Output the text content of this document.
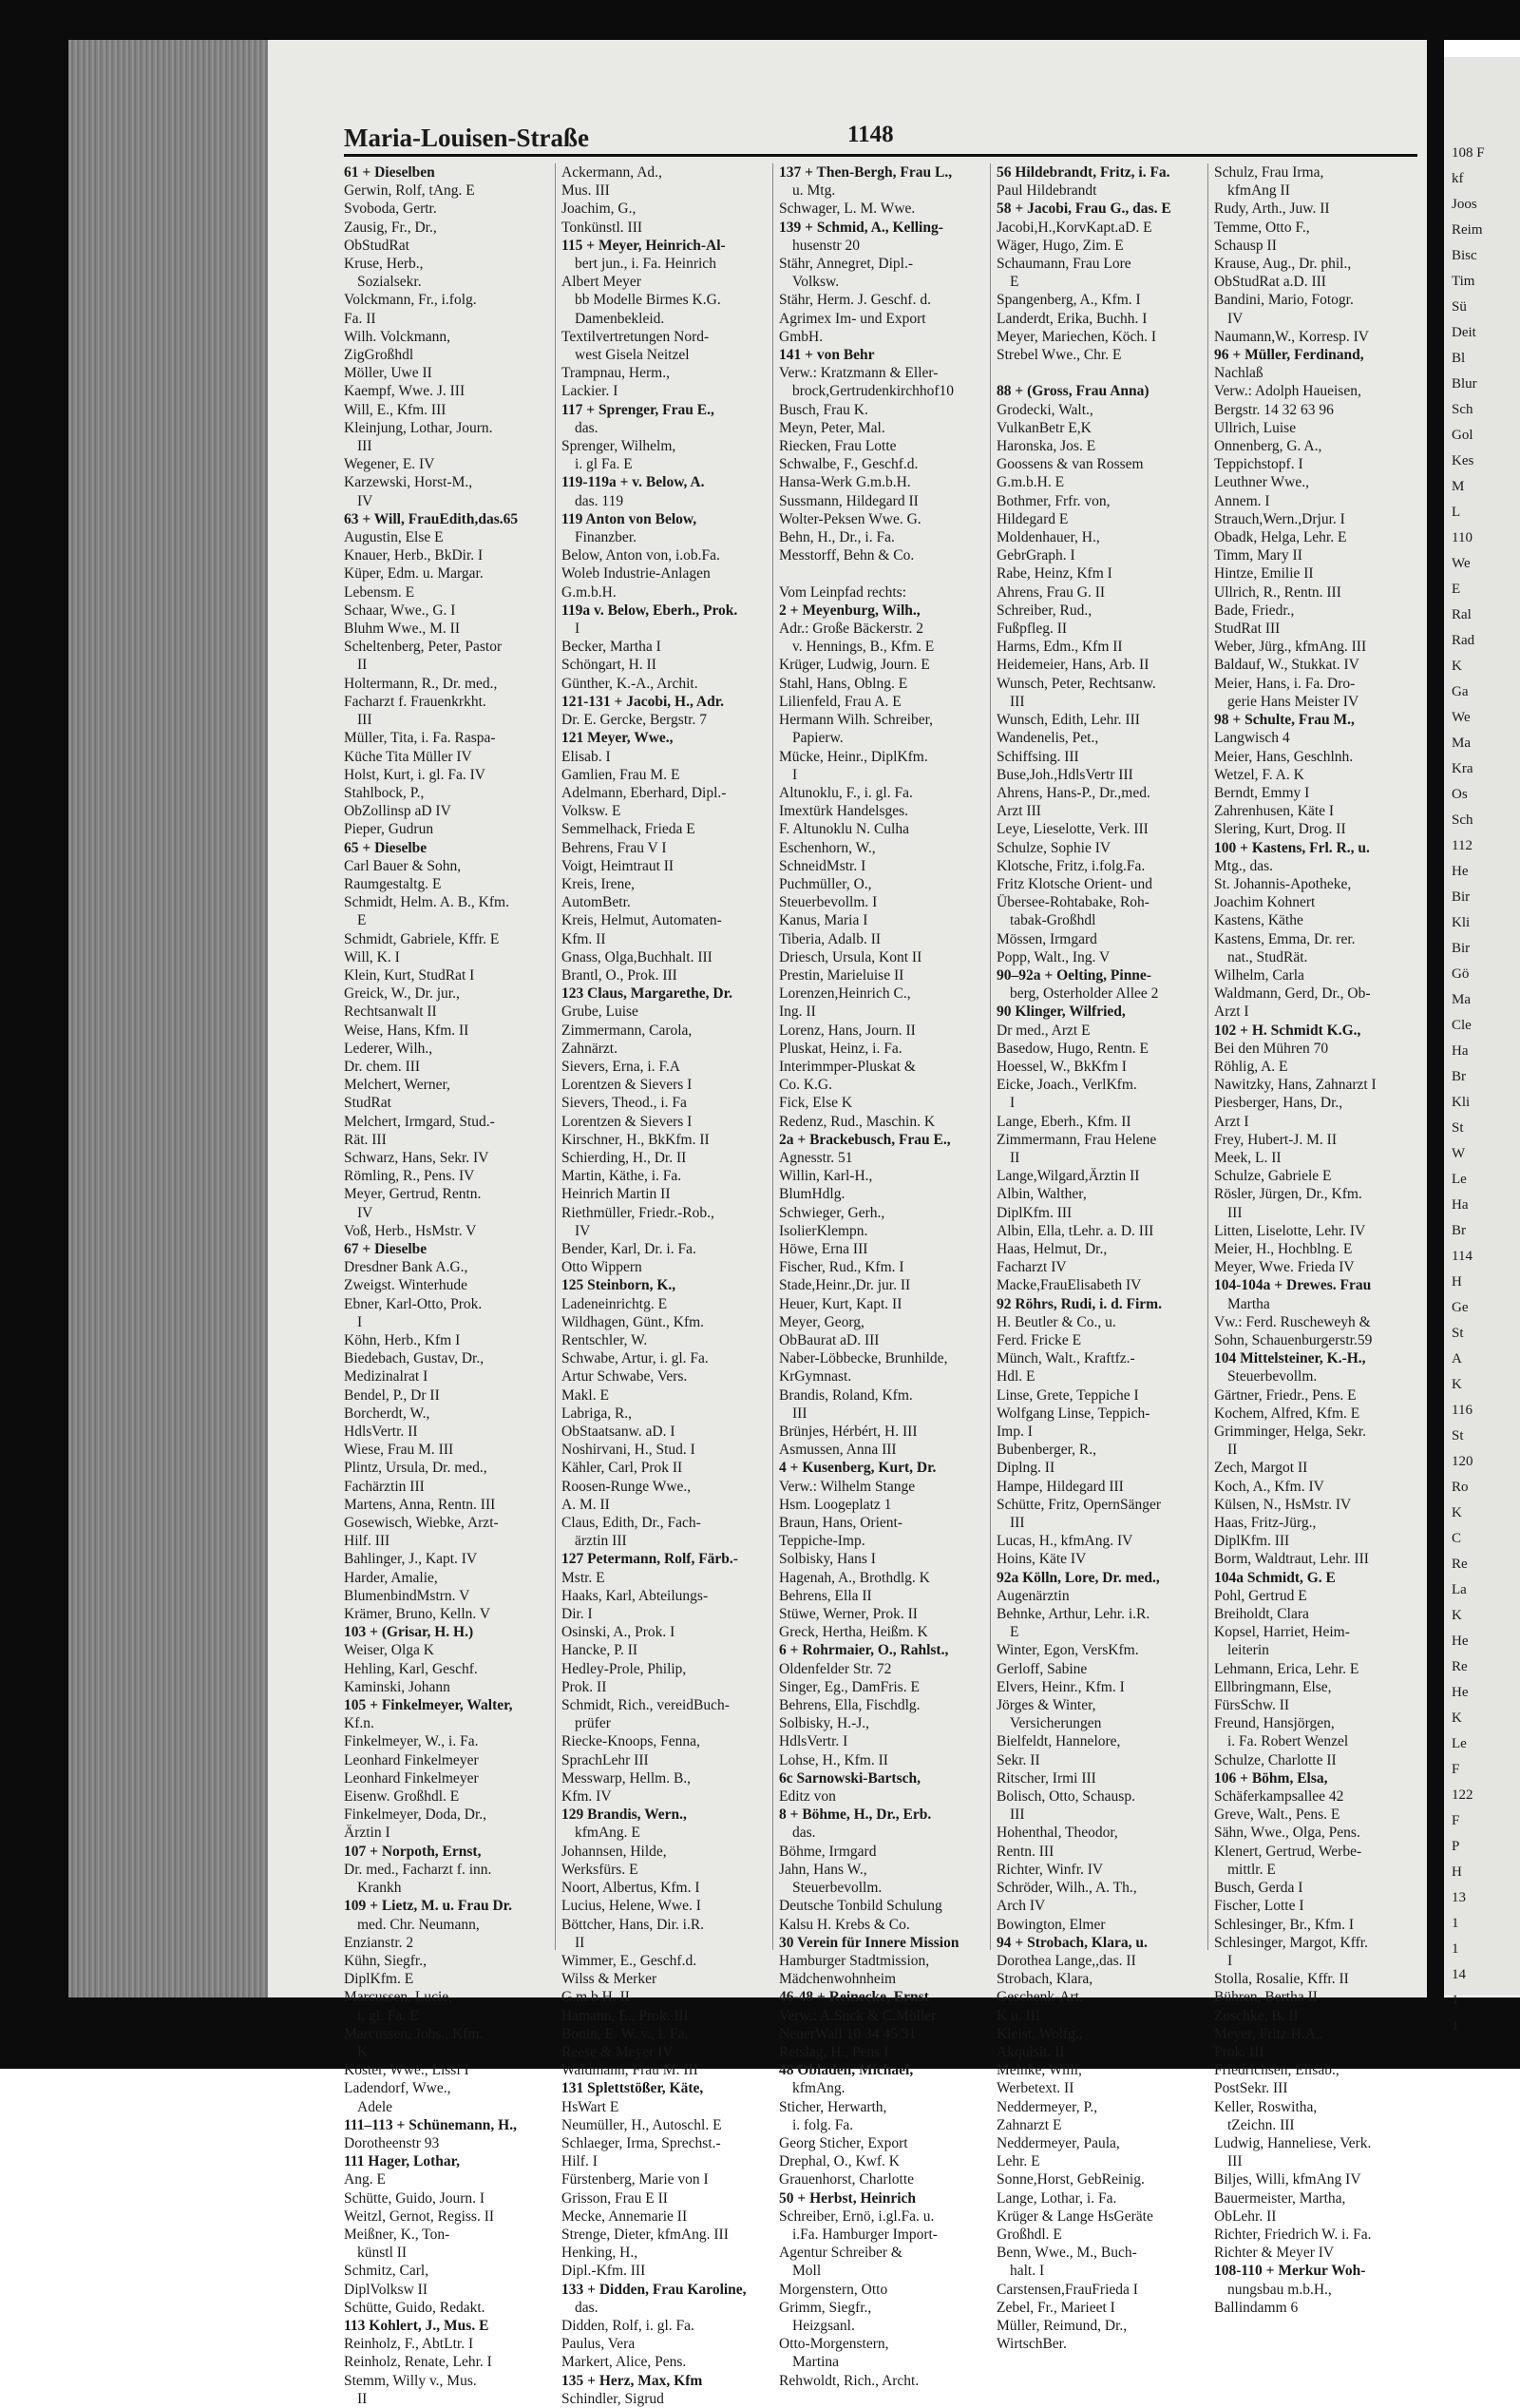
108 F
kf
Joos
Reim
Bisc
Tim
Sü
Deit
Bl
Blur
Sch
Gol
Kes
M
L
110
We
E
Ral
Rad
K
Ga
We
Ma
Kra
Os
Sch
112
He
Bir
Kli
Bir
Gö
Ma
Cle
Ha
Br
Kli
St
W
Le
Ha
Br
114
H
Ge
St
A
K
116
St
120
Ro
K
C
Re
La
K
He
Re
He
K
Le
F
122
F
P
H
13
1
1
14
1
1
Maria-Louisen-Straße	1148
61 + Dieselben
Gerwin, Rolf, tAng. E
Svoboda, Gertr.
Zausig, Fr., Dr.,
ObStudRat
Kruse, Herb.,
Sozialsekr.
Volckmann, Fr., i.folg.
Fa. II
Wilh. Volckmann,
ZigGroßhdl
Möller, Uwe II
Kaempf, Wwe. J. III
Will, E., Kfm. III
Kleinjung, Lothar, Journ.
III
Wegener, E. IV
Karzewski, Horst-M.,
IV
63 + Will, FrauEdith,das.65
Augustin, Else E
Knauer, Herb., BkDir. I
Küper, Edm. u. Margar.
Lebensm. E
Schaar, Wwe., G. I
Bluhm Wwe., M. II
Scheltenberg, Peter, Pastor
II
Holtermann, R., Dr. med.,
Facharzt f. Frauenkrkht.
III
Müller, Tita, i. Fa. Raspa-
Küche Tita Müller IV
Holst, Kurt, i. gl. Fa. IV
Stahlbock, P.,
ObZollinsp aD IV
Pieper, Gudrun
65 + Dieselbe
Carl Bauer & Sohn,
Raumgestaltg. E
Schmidt, Helm. A. B., Kfm.
E
Schmidt, Gabriele, Kffr. E
Will, K. I
Klein, Kurt, StudRat I
Greick, W., Dr. jur.,
Rechtsanwalt II
Weise, Hans, Kfm. II
Lederer, Wilh.,
Dr. chem. III
Melchert, Werner,
StudRat
Melchert, Irmgard, Stud.-
Rät. III
Schwarz, Hans, Sekr. IV
Römling, R., Pens. IV
Meyer, Gertrud, Rentn.
IV
Voß, Herb., HsMstr. V
67 + Dieselbe
Dresdner Bank A.G.,
Zweigst. Winterhude
Ebner, Karl-Otto, Prok.
I
Köhn, Herb., Kfm I
Biedebach, Gustav, Dr.,
Medizinalrat I
Bendel, P., Dr II
Borcherdt, W.,
HdlsVertr. II
Wiese, Frau M. III
Plintz, Ursula, Dr. med.,
Fachärztin III
Martens, Anna, Rentn. III
Gosewisch, Wiebke, Arzt-
Hilf. III
Bahlinger, J., Kapt. IV
Harder, Amalie,
BlumenbindMstrn. V
Krämer, Bruno, Kelln. V
103 + (Grisar, H. H.)
Weiser, Olga K
Hehling, Karl, Geschf.
Kaminski, Johann
105 + Finkelmeyer, Walter,
Kf.n.
Finkelmeyer, W., i. Fa.
Leonhard Finkelmeyer
Leonhard Finkelmeyer
Eisenw. Großhdl. E
Finkelmeyer, Doda, Dr.,
Ärztin I
107 + Norpoth, Ernst,
Dr. med., Facharzt f. inn.
Krankh
109 + Lietz, M. u. Frau Dr.
med. Chr. Neumann,
Enzianstr. 2
Kühn, Siegfr.,
DiplKfm. E
Marcussen, Lucie,
i. gl. Fa. E
Marcussen, Johs., Kfm.
K
Köster, Wwe., Lissi I
Ladendorf, Wwe.,
Adele
111–113 + Schünemann, H.,
Dorotheenstr 93
111 Hager, Lothar,
Ang. E
Schütte, Guido, Journ. I
Weitzl, Gernot, Regiss. II
Meißner, K., Ton-
künstl II
Schmitz, Carl,
DiplVolksw II
Schütte, Guido, Redakt.
113 Kohlert, J., Mus. E
Reinholz, F., AbtLtr. I
Reinholz, Renate, Lehr. I
Stemm, Willy v., Mus.
II
Ackermann, Ad.,
Mus. III
Joachim, G.,
Tonkünstl. III
115 + Meyer, Heinrich-Al-
bert jun., i. Fa. Heinrich
Albert Meyer
bb Modelle Birmes K.G.
Damenbekleid.
Textilvertretungen Nord-
west Gisela Neitzel
Trampnau, Herm.,
Lackier. I
117 + Sprenger, Frau E.,
das.
Sprenger, Wilhelm,
i. gl Fa. E
119-119a + v. Below, A.
das. 119
119 Anton von Below,
Finanzber.
Below, Anton von, i.ob.Fa.
Woleb Industrie-Anlagen
G.m.b.H.
119a v. Below, Eberh., Prok.
I
Becker, Martha I
Schöngart, H. II
Günther, K.-A., Archit.
121-131 + Jacobi, H., Adr.
Dr. E. Gercke, Bergstr. 7
121 Meyer, Wwe.,
Elisab. I
Gamlien, Frau M. E
Adelmann, Eberhard, Dipl.-
Volksw. E
Semmelhack, Frieda E
Behrens, Frau V I
Voigt, Heimtraut II
Kreis, Irene,
AutomBetr.
Kreis, Helmut, Automaten-
Kfm. II
Gnass, Olga,Buchhalt. III
Brantl, O., Prok. III
123 Claus, Margarethe, Dr.
Grube, Luise
Zimmermann, Carola,
Zahnärzt.
Sievers, Erna, i. F.A
Lorentzen & Sievers I
Sievers, Theod., i. Fa
Lorentzen & Sievers I
Kirschner, H., BkKfm. II
Schierding, H., Dr. II
Martin, Käthe, i. Fa.
Heinrich Martin II
Riethmüller, Friedr.-Rob.,
IV
Bender, Karl, Dr. i. Fa.
Otto Wippern
125 Steinborn, K.,
Ladeneinrichtg. E
Wildhagen, Günt., Kfm.
Rentschler, W.
Schwabe, Artur, i. gl. Fa.
Artur Schwabe, Vers.
Makl. E
Labriga, R.,
ObStaatsanw. aD. I
Noshirvani, H., Stud. I
Kähler, Carl, Prok II
Roosen-Runge Wwe.,
A. M. II
Claus, Edith, Dr., Fach-
ärztin III
127 Petermann, Rolf, Färb.-
Mstr. E
Haaks, Karl, Abteilungs-
Dir. I
Osinski, A., Prok. I
Hancke, P. II
Hedley-Prole, Philip,
Prok. II
Schmidt, Rich., vereidBuch-
prüfer
Riecke-Knoops, Fenna,
SprachLehr III
Messwarp, Hellm. B.,
Kfm. IV
129 Brandis, Wern.,
kfmAng. E
Johannsen, Hilde,
Werksfürs. E
Noort, Albertus, Kfm. I
Lucius, Helene, Wwe. I
Böttcher, Hans, Dir. i.R.
II
Wimmer, E., Geschf.d.
Wilss & Merker
G.m.b.H. II
Hamann, E., Prok. III
Bonin, E. W. v., i. Fa.
Reese & Meyer IV
Waldmann, Frau M. III
131 Splettstößer, Käte,
HsWart E
Neumüller, H., Autoschl. E
Schlaeger, Irma, Sprechst.-
Hilf. I
Fürstenberg, Marie von I
Grisson, Frau E II
Mecke, Annemarie II
Strenge, Dieter, kfmAng. III
Henking, H.,
Dipl.-Kfm. III
133 + Didden, Frau Karoline,
das.
Didden, Rolf, i. gl. Fa.
Paulus, Vera
Markert, Alice, Pens.
135 + Herz, Max, Kfm
Schindler, Sigrud
137 + Then-Bergh, Frau L.,
u. Mtg.
Schwager, L. M. Wwe.
139 + Schmid, A., Kelling-
husenstr 20
Stähr, Annegret, Dipl.-
Volksw.
Stähr, Herm. J. Geschf. d.
Agrimex Im- und Export
GmbH.
141 + von Behr
Verw.: Kratzmann & Eller-
brock,Gertrudenkirchhof10
Busch, Frau K.
Meyn, Peter, Mal.
Riecken, Frau Lotte
Schwalbe, F., Geschf.d.
Hansa-Werk G.m.b.H.
Sussmann, Hildegard II
Wolter-Peksen Wwe. G.
Behn, H., Dr., i. Fa.
Messtorff, Behn & Co.

Vom Leinpfad rechts:
2 + Meyenburg, Wilh.,
Adr.: Große Bäckerstr. 2
v. Hennings, B., Kfm. E
Krüger, Ludwig, Journ. E
Stahl, Hans, Oblng. E
Lilienfeld, Frau A. E
Hermann Wilh. Schreiber,
Papierw.
Mücke, Heinr., DiplKfm.
I
Altunoklu, F., i. gl. Fa.
Imextürk Handelsges.
F. Altunoklu N. Culha
Eschenhorn, W.,
SchneidMstr. I
Puchmüller, O.,
Steuerbevollm. I
Kanus, Maria I
Tiberia, Adalb. II
Driesch, Ursula, Kont II
Prestin, Marieluise II
Lorenzen,Heinrich C.,
Ing. II
Lorenz, Hans, Journ. II
Pluskat, Heinz, i. Fa.
Interimmper-Pluskat &
Co. K.G.
Fick, Else K
Redenz, Rud., Maschin. K
2a + Brackebusch, Frau E.,
Agnesstr. 51
Willin, Karl-H.,
BlumHdlg.
Schwieger, Gerh.,
IsolierKlempn.
Höwe, Erna III
Fischer, Rud., Kfm. I
Stade,Heinr.,Dr. jur. II
Heuer, Kurt, Kapt. II
Meyer, Georg,
ObBaurat aD. III
Naber-Löbbecke, Brunhilde,
KrGymnast.
Brandis, Roland, Kfm.
III
Brünjes, Hérbért, H. III
Asmussen, Anna III
4 + Kusenberg, Kurt, Dr.
Verw.: Wilhelm Stange
Hsm. Loogeplatz 1
Braun, Hans, Orient-
Teppiche-Imp.
Solbisky, Hans I
Hagenah, A., Brothdlg. K
Behrens, Ella II
Stüwe, Werner, Prok. II
Greck, Hertha, Heißm. K
6 + Rohrmaier, O., Rahlst.,
Oldenfelder Str. 72
Singer, Eg., DamFris. E
Behrens, Ella, Fischdlg.
Solbisky, H.-J.,
HdlsVertr. I
Lohse, H., Kfm. II
6c Sarnowski-Bartsch,
Editz von
8 + Böhme, H., Dr., Erb.
das.
Böhme, Irmgard
Jahn, Hans W.,
Steuerbevollm.
Deutsche Tonbild Schulung
Kalsu H. Krebs & Co.
30 Verein für Innere Mission
Hamburger Stadtmission,
Mädchenwohnheim
46-48 + Reinecke, Ernst
Verw.: A.Suck & C.Möller
NeuerWall 10 34 45 31
Retslag, H., Pens I
48 Obladen, Michael,
kfmAng.
Sticher, Herwarth,
i. folg. Fa.
Georg Sticher, Export
Drephal, O., Kwf. K
Grauenhorst, Charlotte
50 + Herbst, Heinrich
Schreiber, Ernö, i.gl.Fa. u.
i.Fa. Hamburger Import-
Agentur Schreiber &
Moll
Morgenstern, Otto
Grimm, Siegfr.,
Heizgsanl.
Otto-Morgenstern,
Martina
Rehwoldt, Rich., Archt.
56 Hildebrandt, Fritz, i. Fa.
Paul Hildebrandt
58 + Jacobi, Frau G., das. E
Jacobi,H.,KorvKapt.aD. E
Wäger, Hugo, Zim. E
Schaumann, Frau Lore
E
Spangenberg, A., Kfm. I
Landerdt, Erika, Buchh. I
Meyer, Mariechen, Köch. I
Strebel Wwe., Chr. E

88 + (Gross, Frau Anna)
Grodecki, Walt.,
VulkanBetr E,K
Haronska, Jos. E
Goossens & van Rossem
G.m.b.H. E
Bothmer, Frfr. von,
Hildegard E
Moldenhauer, H.,
GebrGraph. I
Rabe, Heinz, Kfm I
Ahrens, Frau G. II
Schreiber, Rud.,
Fußpfleg. II
Harms, Edm., Kfm II
Heidemeier, Hans, Arb. II
Wunsch, Peter, Rechtsanw.
III
Wunsch, Edith, Lehr. III
Wandenelis, Pet.,
Schiffsing. III
Buse,Joh.,HdlsVertr III
Ahrens, Hans-P., Dr.,med.
Arzt III
Leye, Lieselotte, Verk. III
Schulze, Sophie IV
Klotsche, Fritz, i.folg.Fa.
Fritz Klotsche Orient- und
Übersee-Rohtabake, Roh-
tabak-Großhdl
Mössen, Irmgard
Popp, Walt., Ing. V
90–92a + Oelting, Pinne-
berg, Osterholder Allee 2
90 Klinger, Wilfried,
Dr med., Arzt E
Basedow, Hugo, Rentn. E
Hoessel, W., BkKfm I
Eicke, Joach., VerlKfm.
I
Lange, Eberh., Kfm. II
Zimmermann, Frau Helene
II
Lange,Wilgard,Ärztin II
Albin, Walther,
DiplKfm. III
Albin, Ella, tLehr. a. D. III
Haas, Helmut, Dr.,
Facharzt IV
Macke,FrauElisabeth IV
92 Röhrs, Rudi, i. d. Firm.
H. Beutler & Co., u.
Ferd. Fricke E
Münch, Walt., Kraftfz.-
Hdl. E
Linse, Grete, Teppiche I
Wolfgang Linse, Teppich-
Imp. I
Bubenberger, R.,
Diplng. II
Hampe, Hildegard III
Schütte, Fritz, OpernSänger
III
Lucas, H., kfmAng. IV
Hoins, Käte IV
92a Kölln, Lore, Dr. med.,
Augenärztin
Behnke, Arthur, Lehr. i.R.
E
Winter, Egon, VersKfm.
Gerloff, Sabine
Elvers, Heinr., Kfm. I
Jörges & Winter,
Versicherungen
Bielfeldt, Hannelore,
Sekr. II
Ritscher, Irmi III
Bolisch, Otto, Schausp.
III
Hohenthal, Theodor,
Rentn. III
Richter, Winfr. IV
Schröder, Wilh., A. Th.,
Arch IV
Bowington, Elmer
94 + Strobach, Klara, u.
Dorothea Lange,,das. II
Strobach, Klara,
Geschenk-Art.
K u. III
Kleist, Wolfg.,
Akquisit. II
Meinke, Willi,
Werbetext. II
Neddermeyer, P.,
Zahnarzt E
Neddermeyer, Paula,
Lehr. E
Sonne,Horst, GebReinig.
Lange, Lothar, i. Fa.
Krüger & Lange HsGeräte
Großhdl. E
Benn, Wwe., M., Buch-
halt. I
Carstensen,FrauFrieda I
Zebel, Fr., Marieet I
Müller, Reimund, Dr.,
WirtschBer.
Schulz, Frau Irma,
kfmAng II
Rudy, Arth., Juw. II
Temme, Otto F.,
Schausp II
Krause, Aug., Dr. phil.,
ObStudRat a.D. III
Bandini, Mario, Fotogr.
IV
Naumann,W., Korresp. IV
96 + Müller, Ferdinand,
Nachlaß
Verw.: Adolph Haueisen,
Bergstr. 14 32 63 96
Ullrich, Luise
Onnenberg, G. A.,
Teppichstopf. I
Leuthner Wwe.,
Annem. I
Strauch,Wern.,Drjur. I
Obadk, Helga, Lehr. E
Timm, Mary II
Hintze, Emilie II
Ullrich, R., Rentn. III
Bade, Friedr.,
StudRat III
Weber, Jürg., kfmAng. III
Baldauf, W., Stukkat. IV
Meier, Hans, i. Fa. Dro-
gerie Hans Meister IV
98 + Schulte, Frau M.,
Langwisch 4
Meier, Hans, Geschlnh.
Wetzel, F. A. K
Berndt, Emmy I
Zahrenhusen, Käte I
Slering, Kurt, Drog. II
100 + Kastens, Frl. R., u.
Mtg., das.
St. Johannis-Apotheke,
Joachim Kohnert
Kastens, Käthe
Kastens, Emma, Dr. rer.
nat., StudRät.
Wilhelm, Carla
Waldmann, Gerd, Dr., Ob-
Arzt I
102 + H. Schmidt K.G.,
Bei den Mühren 70
Röhlig, A. E
Nawitzky, Hans, Zahnarzt I
Piesberger, Hans, Dr.,
Arzt I
Frey, Hubert-J. M. II
Meek, L. II
Schulze, Gabriele E
Rösler, Jürgen, Dr., Kfm.
III
Litten, Liselotte, Lehr. IV
Meier, H., Hochblng. E
Meyer, Wwe. Frieda IV
104-104a + Drewes. Frau
Martha
Vw.: Ferd. Ruscheweyh &
Sohn, Schauenburgerstr.59
104 Mittelsteiner, K.-H.,
Steuerbevollm.
Gärtner, Friedr., Pens. E
Kochem, Alfred, Kfm. E
Grimminger, Helga, Sekr.
II
Zech, Margot II
Koch, A., Kfm. IV
Külsen, N., HsMstr. IV
Haas, Fritz-Jürg.,
DiplKfm. III
Borm, Waldtraut, Lehr. III
104a Schmidt, G. E
Pohl, Gertrud E
Breiholdt, Clara
Kopsel, Harriet, Heim-
leiterin
Lehmann, Erica, Lehr. E
Ellbringmann, Else,
FürsSchw. II
Freund, Hansjörgen,
i. Fa. Robert Wenzel
Schulze, Charlotte II
106 + Böhm, Elsa,
Schäferkampsallee 42
Greve, Walt., Pens. E
Sähn, Wwe., Olga, Pens.
Klenert, Gertrud, Werbe-
mittlr. E
Busch, Gerda I
Fischer, Lotte I
Schlesinger, Br., Kfm. I
Schlesinger, Margot, Kffr.
I
Stolla, Rosalie, Kffr. II
Bühren, Bertha II
Zoschke, B. II
Meyer, Fritz H.A.,
Prok. III
Friedrichsen, Elisab.,
PostSekr. III
Keller, Roswitha,
tZeichn. III
Ludwig, Hanneliese, Verk.
III
Biljes, Willi, kfmAng IV
Bauermeister, Martha,
ObLehr. II
Richter, Friedrich W. i. Fa.
Richter & Meyer IV
108-110 + Merkur Woh-
nungsbau m.b.H.,
Ballindamm 6
